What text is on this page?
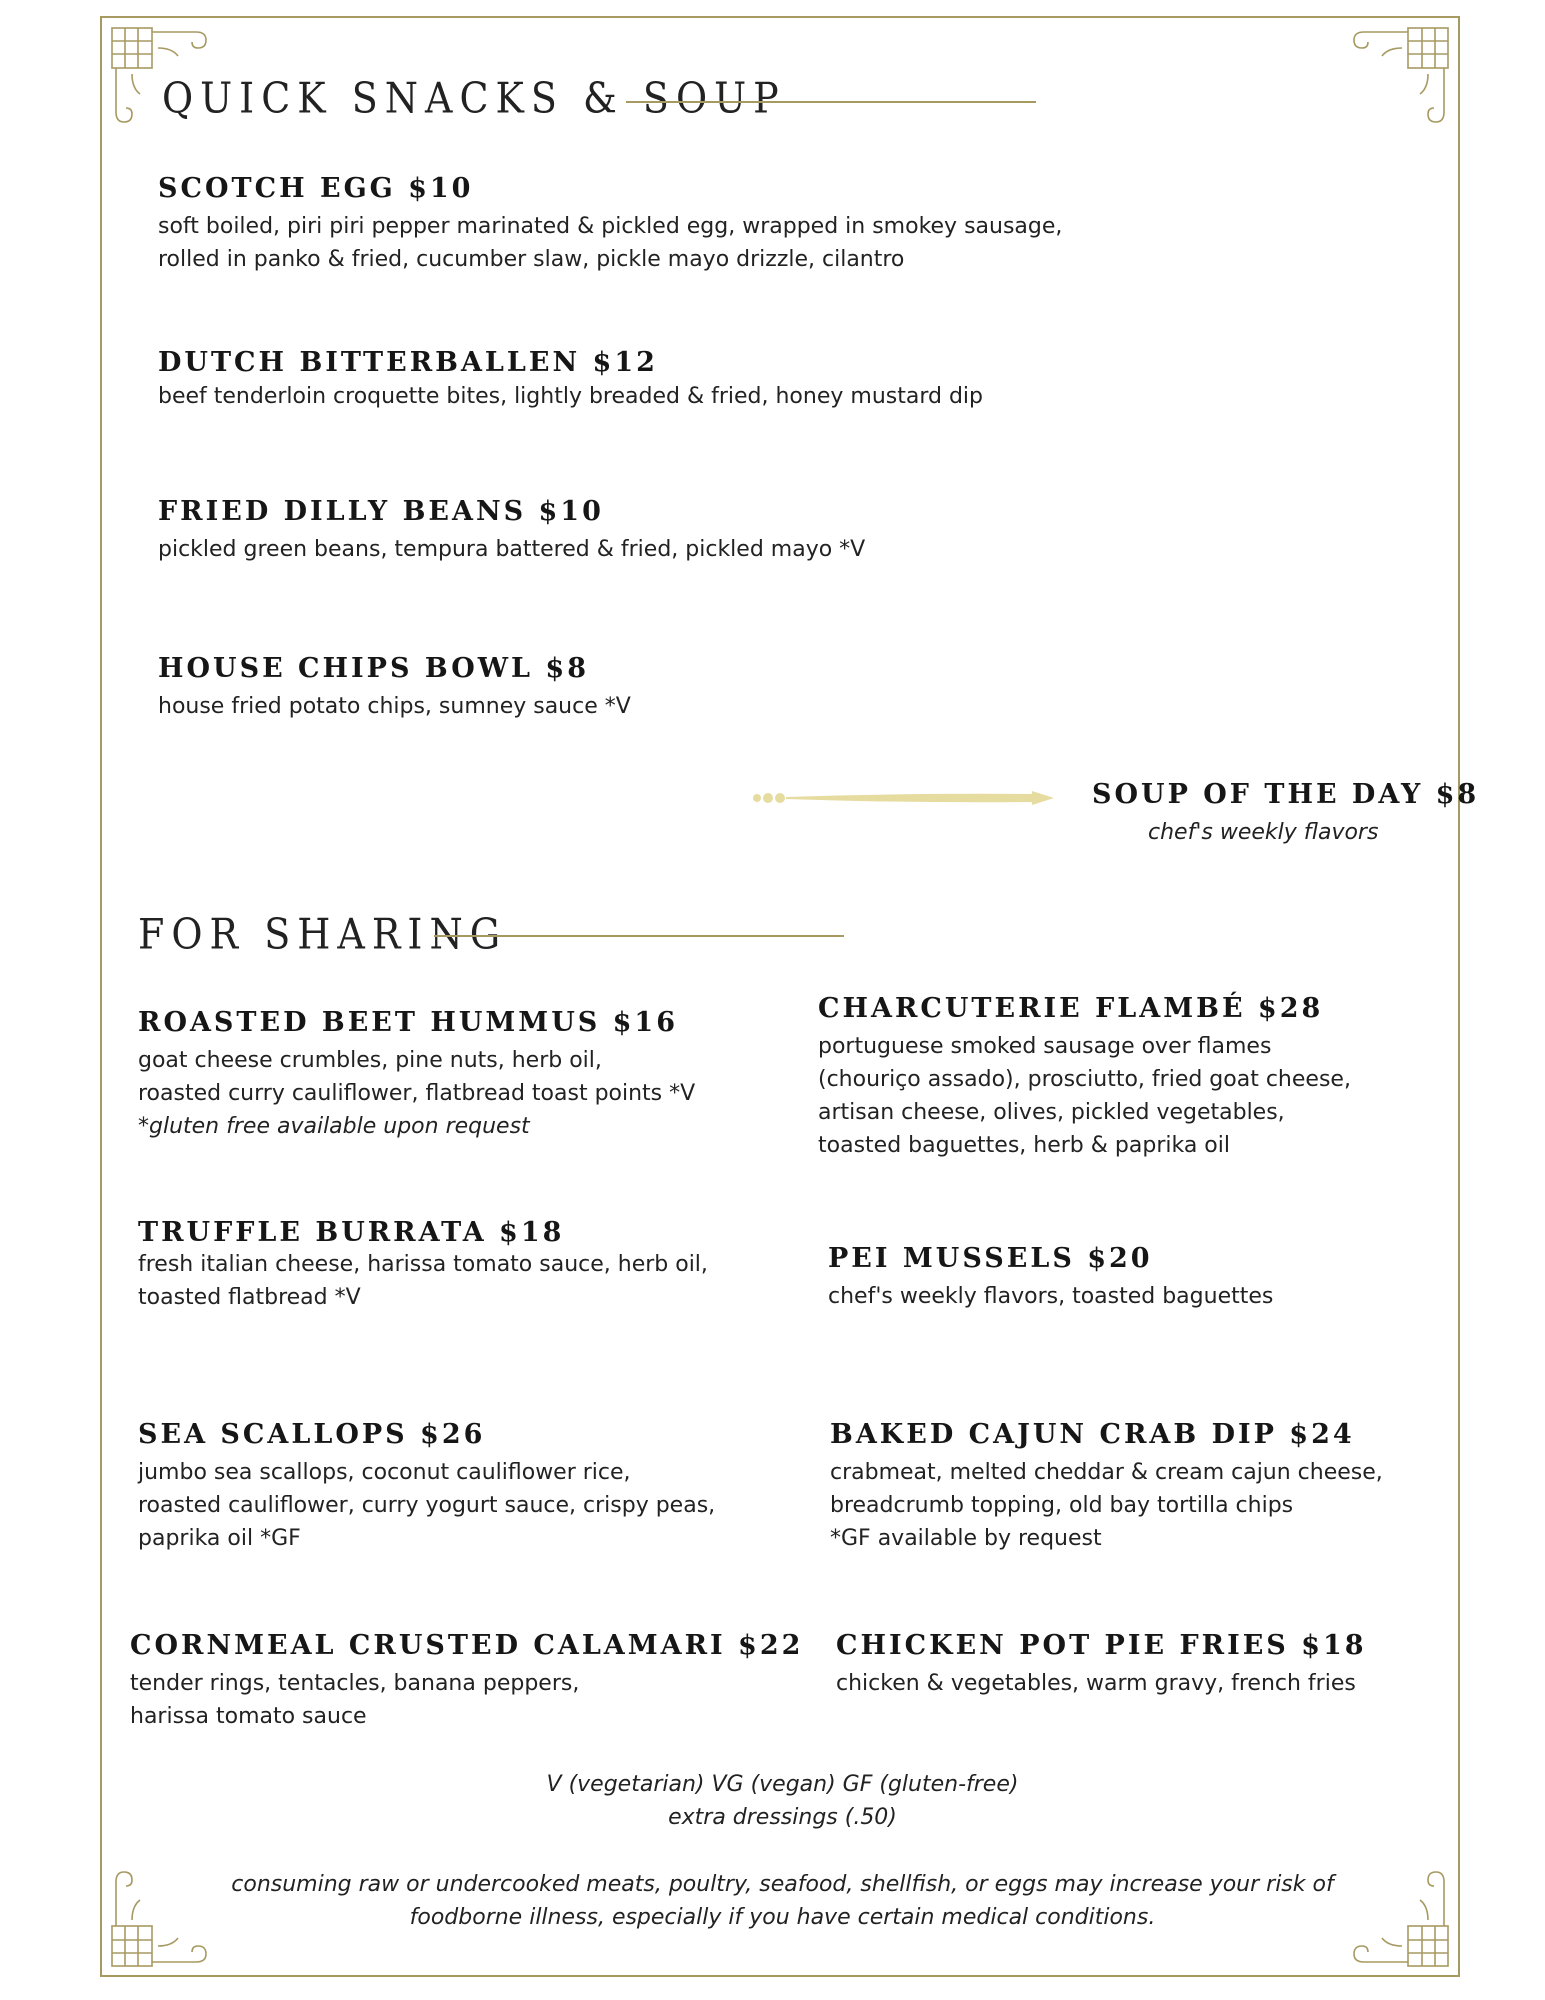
QUICK SNACKS & SOUP
SCOTCH EGG $10
soft boiled, piri piri pepper marinated & pickled egg, wrapped in smokey sausage,
rolled in panko & fried, cucumber slaw, pickle mayo drizzle, cilantro
DUTCH BITTERBALLEN $12
beef tenderloin croquette bites, lightly breaded & fried, honey mustard dip
FRIED DILLY BEANS $10
pickled green beans, tempura battered & fried, pickled mayo *V
HOUSE CHIPS BOWL $8
house fried potato chips, sumney sauce *V
SOUP OF THE DAY $8
chef's weekly flavors
FOR SHARING
ROASTED BEET HUMMUS $16
goat cheese crumbles, pine nuts, herb oil,
roasted curry cauliflower, flatbread toast points *V
*gluten free available upon request
CHARCUTERIE FLAMBÉ $28
portuguese smoked sausage over flames
(chouriço assado), prosciutto, fried goat cheese,
artisan cheese, olives, pickled vegetables,
toasted baguettes, herb & paprika oil
TRUFFLE BURRATA $18
fresh italian cheese, harissa tomato sauce, herb oil,
toasted flatbread *V
PEI MUSSELS $20
chef's weekly flavors, toasted baguettes
SEA SCALLOPS $26
jumbo sea scallops, coconut cauliflower rice,
roasted cauliflower, curry yogurt sauce, crispy peas,
paprika oil *GF
BAKED CAJUN CRAB DIP $24
crabmeat, melted cheddar & cream cajun cheese,
breadcrumb topping, old bay tortilla chips
*GF available by request
CORNMEAL CRUSTED CALAMARI $22
tender rings, tentacles, banana peppers,
harissa tomato sauce
CHICKEN POT PIE FRIES $18
chicken & vegetables, warm gravy, french fries
V (vegetarian) VG (vegan) GF (gluten-free)
extra dressings (.50)
consuming raw or undercooked meats, poultry, seafood, shellfish, or eggs may increase your risk of
foodborne illness, especially if you have certain medical conditions.
